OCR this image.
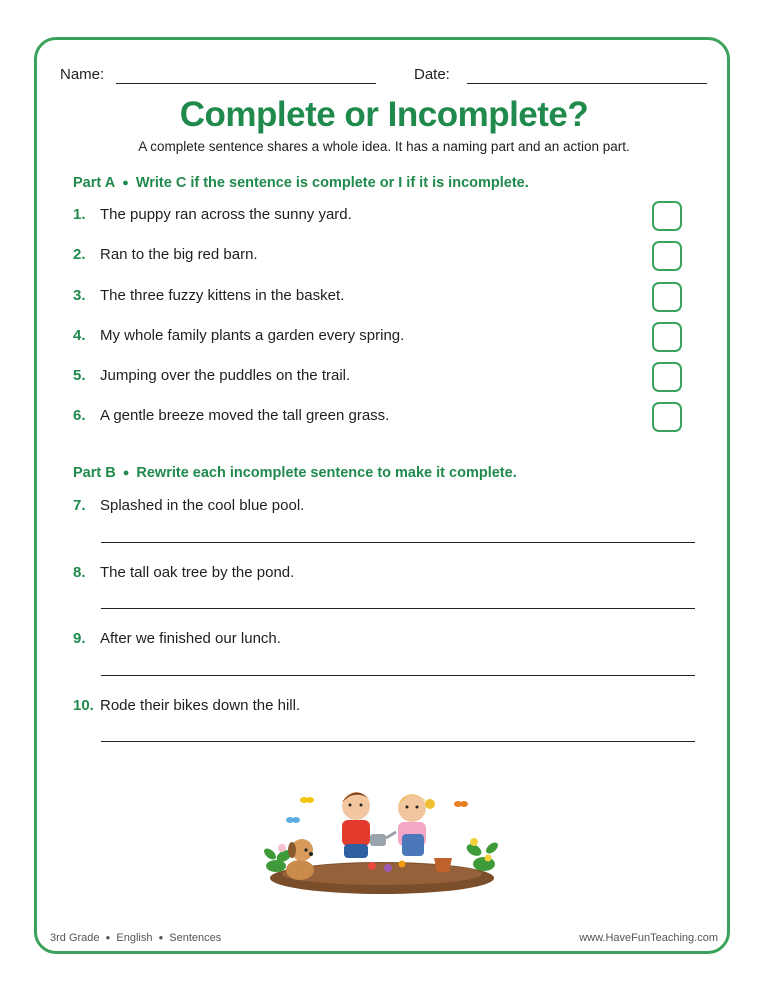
Name:	Date:
Complete or Incomplete?
A complete sentence shares a whole idea. It has a naming part and an action part.
Part A ● Write C if the sentence is complete or I if it is incomplete.
1. The puppy ran across the sunny yard.
2. Ran to the big red barn.
3. The three fuzzy kittens in the basket.
4. My whole family plants a garden every spring.
5. Jumping over the puddles on the trail.
6. A gentle breeze moved the tall green grass.
Part B ● Rewrite each incomplete sentence to make it complete.
7. Splashed in the cool blue pool.
8. The tall oak tree by the pond.
9. After we finished our lunch.
10. Rode their bikes down the hill.
3rd Grade ● English ● Sentences	www.HaveFunTeaching.com
